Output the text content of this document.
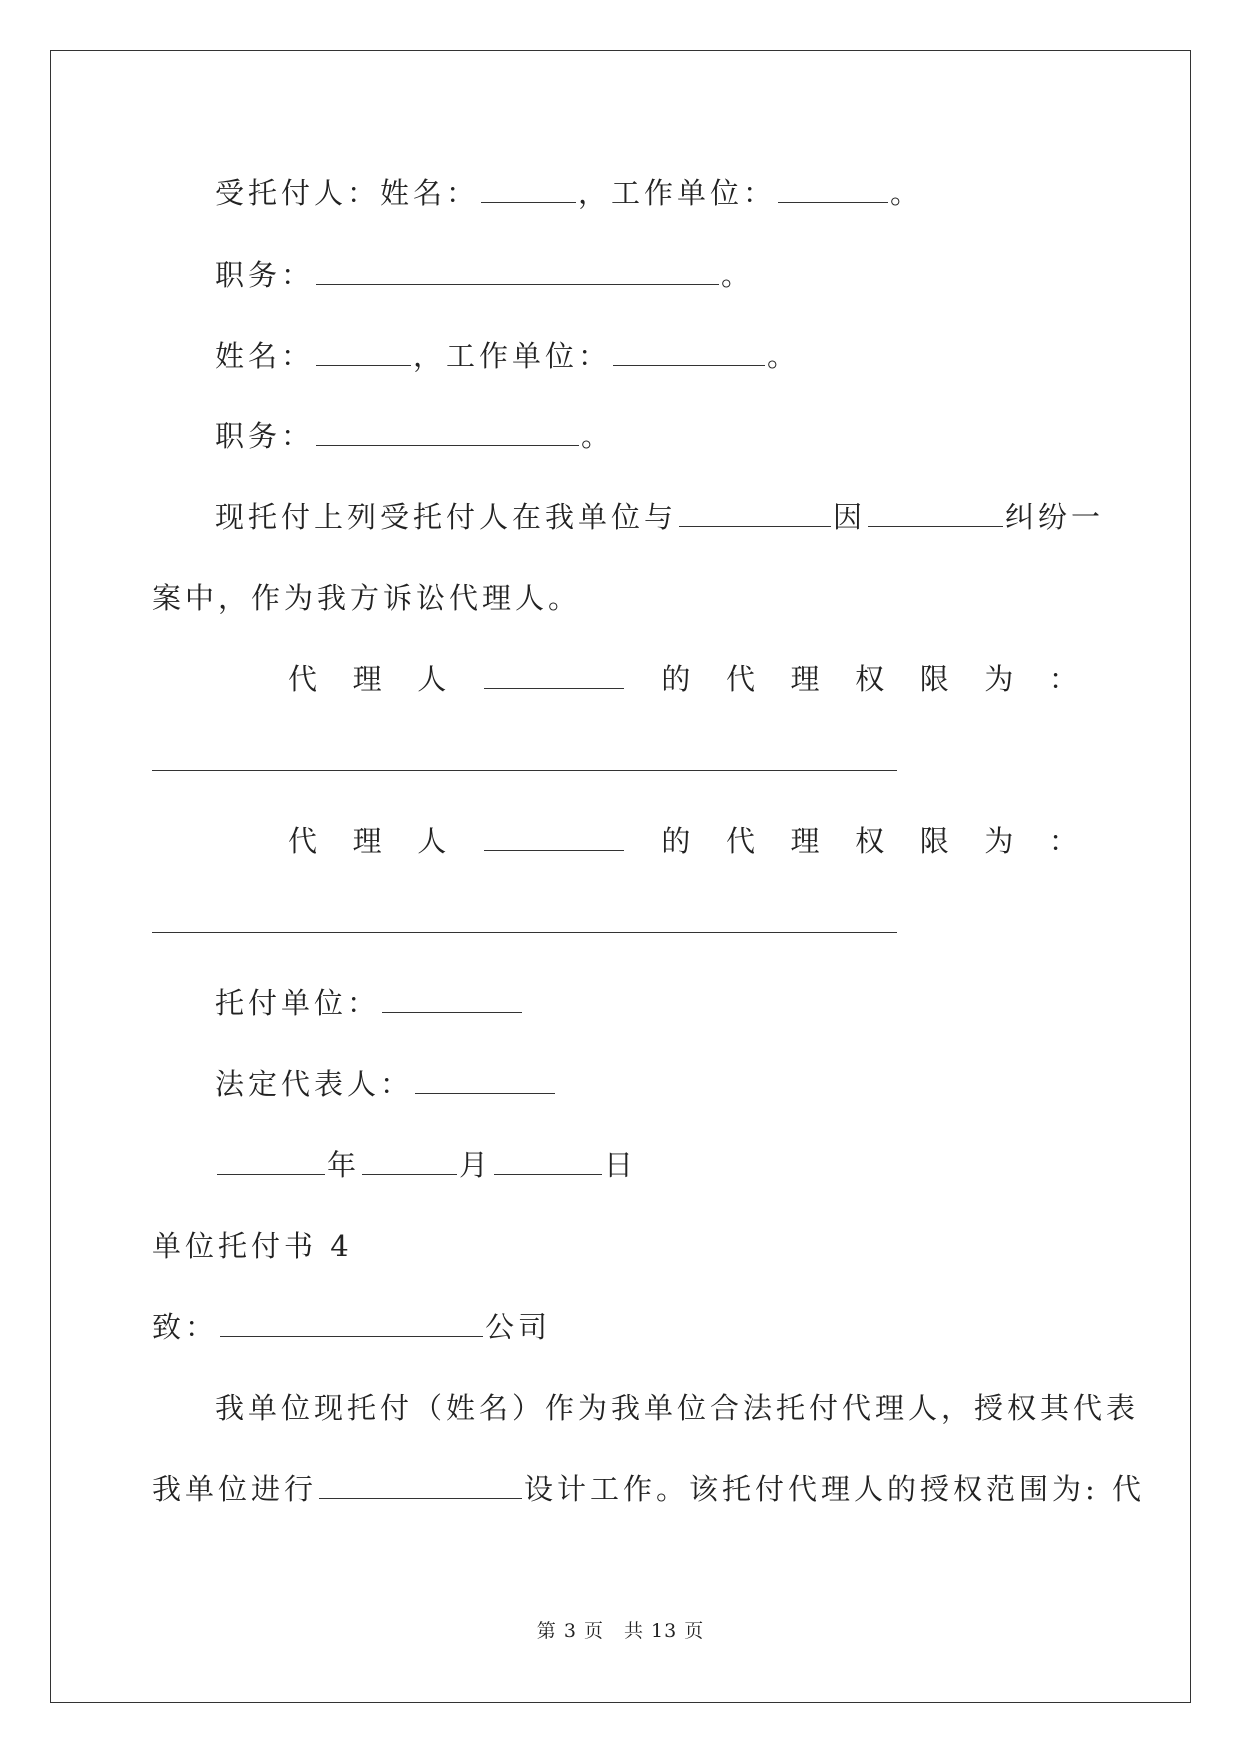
受托付人：姓名：	，工作单位：	。
职务：	。
姓名：	，工作单位：	。
职务：	。
现托付上列受托付人在我单位与	因	纠纷一
案中，作为我方诉讼代理人。
代 理 人	的 代 理 权 限 为 ：
代 理 人	的 代 理 权 限 为 ：
托付单位：
法定代表人：
年	月	日
单位托付书 4
致：	公司
我单位现托付（姓名）作为我单位合法托付代理人，授权其代表
我单位进行	设计工作。该托付代理人的授权范围为: 代
第 3 页　共 13 页
